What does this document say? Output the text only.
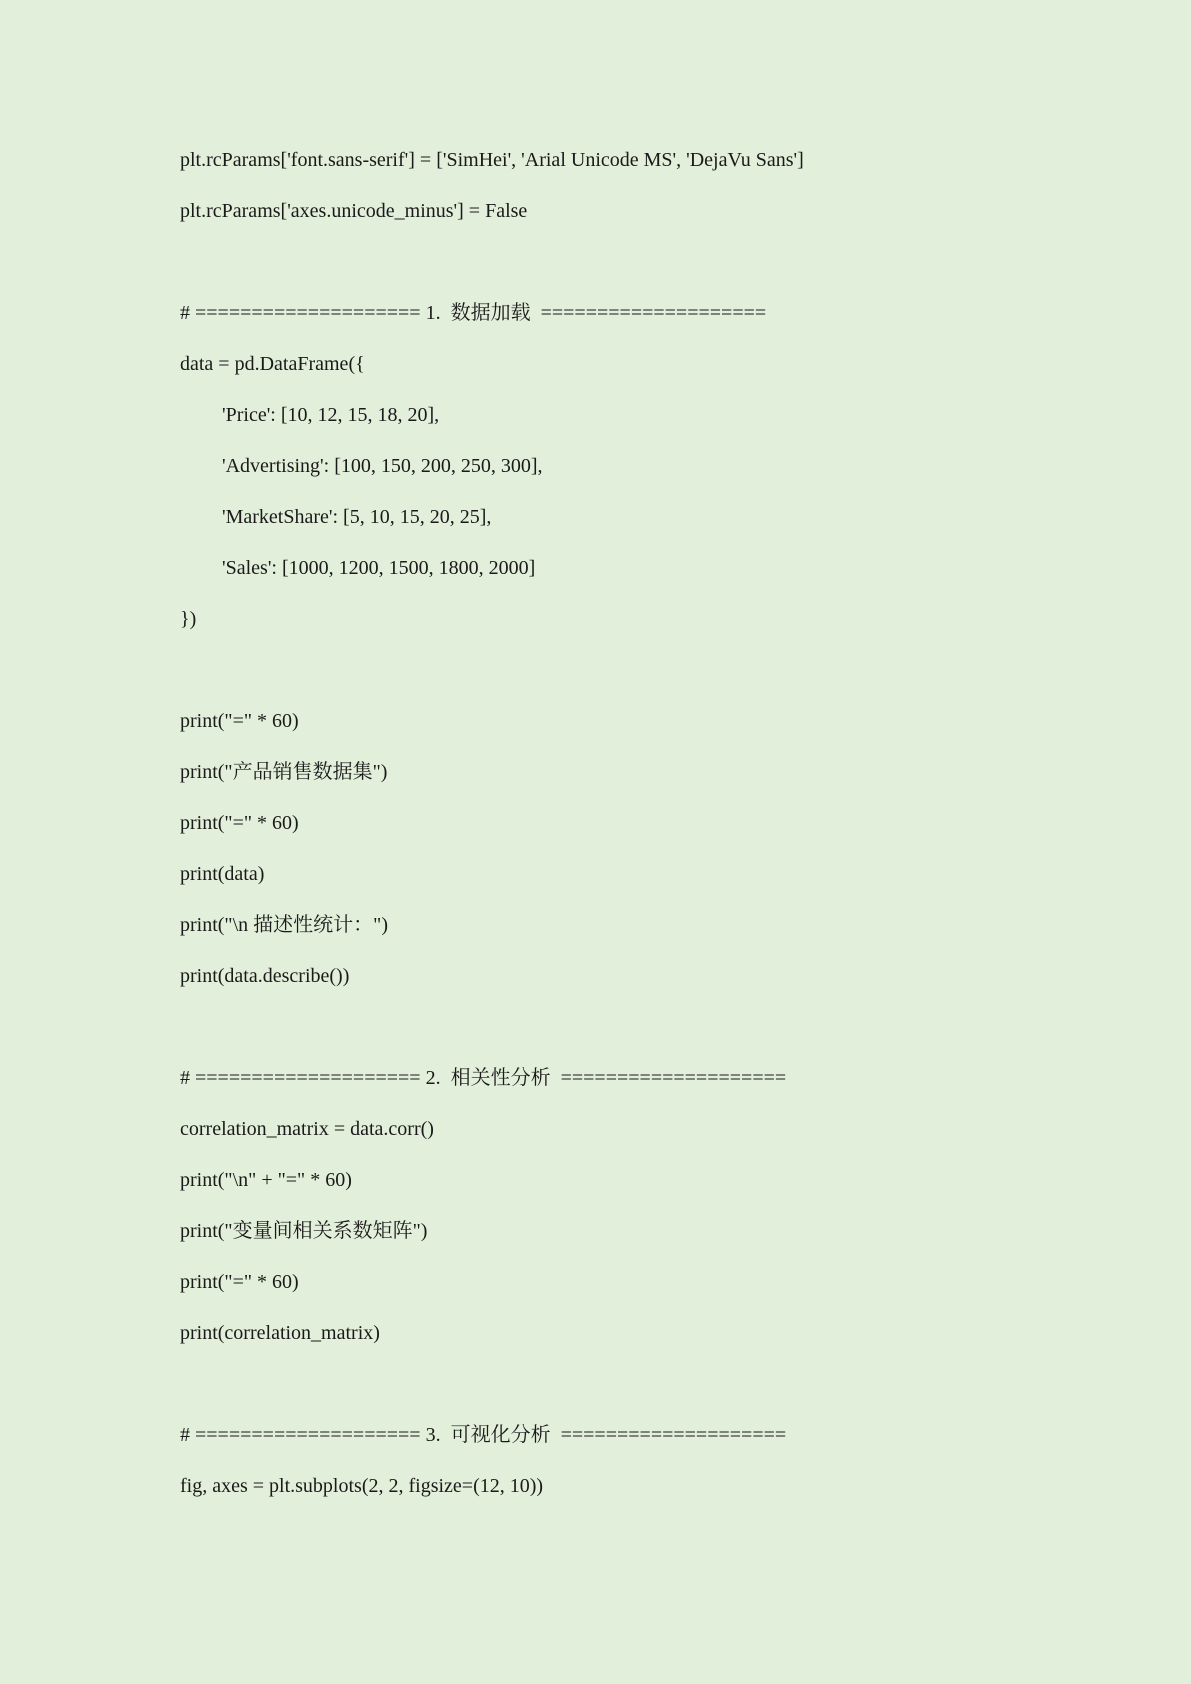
plt.rcParams['font.sans-serif'] = ['SimHei', 'Arial Unicode MS', 'DejaVu Sans']
plt.rcParams['axes.unicode_minus'] = False
# ==================== 1.  数据加载  ====================
data = pd.DataFrame({
'Price': [10, 12, 15, 18, 20],
'Advertising': [100, 150, 200, 250, 300],
'MarketShare': [5, 10, 15, 20, 25],
'Sales': [1000, 1200, 1500, 1800, 2000]
})
print("=" * 60)
print("产品销售数据集")
print("=" * 60)
print(data)
print("\n 描述性统计：")
print(data.describe())
# ==================== 2.  相关性分析  ====================
correlation_matrix = data.corr()
print("\n" + "=" * 60)
print("变量间相关系数矩阵")
print("=" * 60)
print(correlation_matrix)
# ==================== 3.  可视化分析  ====================
fig, axes = plt.subplots(2, 2, figsize=(12, 10))
